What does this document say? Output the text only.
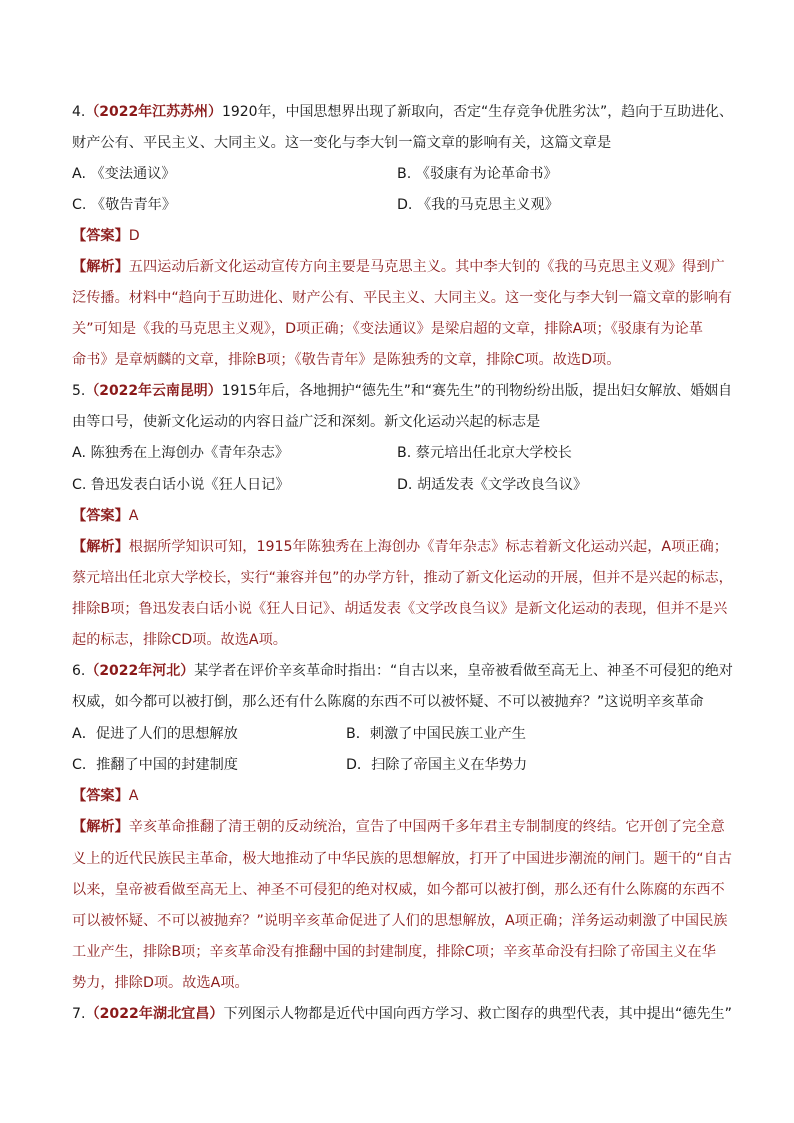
4.（2022年江苏苏州）1920年，中国思想界出现了新取向，否定“生存竞争优胜劣汰”，趋向于互助进化、
财产公有、平民主义、大同主义。这一变化与李大钊一篇文章的影响有关，这篇文章是
A. 《变法通议》	B. 《驳康有为论革命书》
C. 《敬告青年》	D. 《我的马克思主义观》
【答案】D
【解析】五四运动后新文化运动宣传方向主要是马克思主义。其中李大钊的《我的马克思主义观》得到广
泛传播。材料中“趋向于互助进化、财产公有、平民主义、大同主义。这一变化与李大钊一篇文章的影响有
关”可知是《我的马克思主义观》，D项正确；《变法通议》是梁启超的文章，排除A项；《驳康有为论革
命书》是章炳麟的文章，排除B项；《敬告青年》是陈独秀的文章，排除C项。故选D项。
5.（2022年云南昆明）1915年后，各地拥护“德先生”和“赛先生”的刊物纷纷出版，提出妇女解放、婚姻自
由等口号，使新文化运动的内容日益广泛和深刻。新文化运动兴起的标志是
A. 陈独秀在上海创办《青年杂志》	B. 蔡元培出任北京大学校长
C. 鲁迅发表白话小说《狂人日记》	D. 胡适发表《文学改良刍议》
【答案】A
【解析】根据所学知识可知，1915年陈独秀在上海创办《青年杂志》标志着新文化运动兴起，A项正确；
蔡元培出任北京大学校长，实行“兼容并包”的办学方针，推动了新文化运动的开展，但并不是兴起的标志，
排除B项；鲁迅发表白话小说《狂人日记》、胡适发表《文学改良刍议》是新文化运动的表现，但并不是兴
起的标志，排除CD项。故选A项。
6.（2022年河北）某学者在评价辛亥革命时指出：“自古以来，皇帝被看做至高无上、神圣不可侵犯的绝对
权威，如今都可以被打倒，那么还有什么陈腐的东西不可以被怀疑、不可以被抛弃？”这说明辛亥革命
A．促进了人们的思想解放	B．刺激了中国民族工业产生
C．推翻了中国的封建制度	D．扫除了帝国主义在华势力
【答案】A
【解析】辛亥革命推翻了清王朝的反动统治，宣告了中国两千多年君主专制制度的终结。它开创了完全意
义上的近代民族民主革命，极大地推动了中华民族的思想解放，打开了中国进步潮流的闸门。题干的“自古
以来，皇帝被看做至高无上、神圣不可侵犯的绝对权威，如今都可以被打倒，那么还有什么陈腐的东西不
可以被怀疑、不可以被抛弃？”说明辛亥革命促进了人们的思想解放，A项正确；洋务运动刺激了中国民族
工业产生，排除B项；辛亥革命没有推翻中国的封建制度，排除C项；辛亥革命没有扫除了帝国主义在华
势力，排除D项。故选A项。
7.（2022年湖北宜昌）下列图示人物都是近代中国向西方学习、救亡图存的典型代表，其中提出“德先生”
